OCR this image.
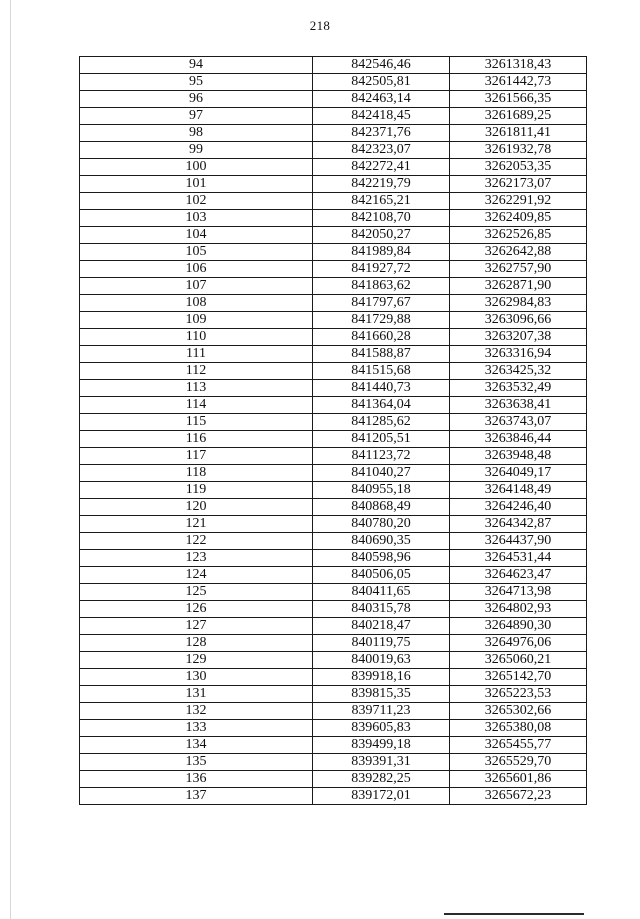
218
94	842546,46	3261318,43
95	842505,81	3261442,73
96	842463,14	3261566,35
97	842418,45	3261689,25
98	842371,76	3261811,41
99	842323,07	3261932,78
100	842272,41	3262053,35
101	842219,79	3262173,07
102	842165,21	3262291,92
103	842108,70	3262409,85
104	842050,27	3262526,85
105	841989,84	3262642,88
106	841927,72	3262757,90
107	841863,62	3262871,90
108	841797,67	3262984,83
109	841729,88	3263096,66
110	841660,28	3263207,38
111	841588,87	3263316,94
112	841515,68	3263425,32
113	841440,73	3263532,49
114	841364,04	3263638,41
115	841285,62	3263743,07
116	841205,51	3263846,44
117	841123,72	3263948,48
118	841040,27	3264049,17
119	840955,18	3264148,49
120	840868,49	3264246,40
121	840780,20	3264342,87
122	840690,35	3264437,90
123	840598,96	3264531,44
124	840506,05	3264623,47
125	840411,65	3264713,98
126	840315,78	3264802,93
127	840218,47	3264890,30
128	840119,75	3264976,06
129	840019,63	3265060,21
130	839918,16	3265142,70
131	839815,35	3265223,53
132	839711,23	3265302,66
133	839605,83	3265380,08
134	839499,18	3265455,77
135	839391,31	3265529,70
136	839282,25	3265601,86
137	839172,01	3265672,23
